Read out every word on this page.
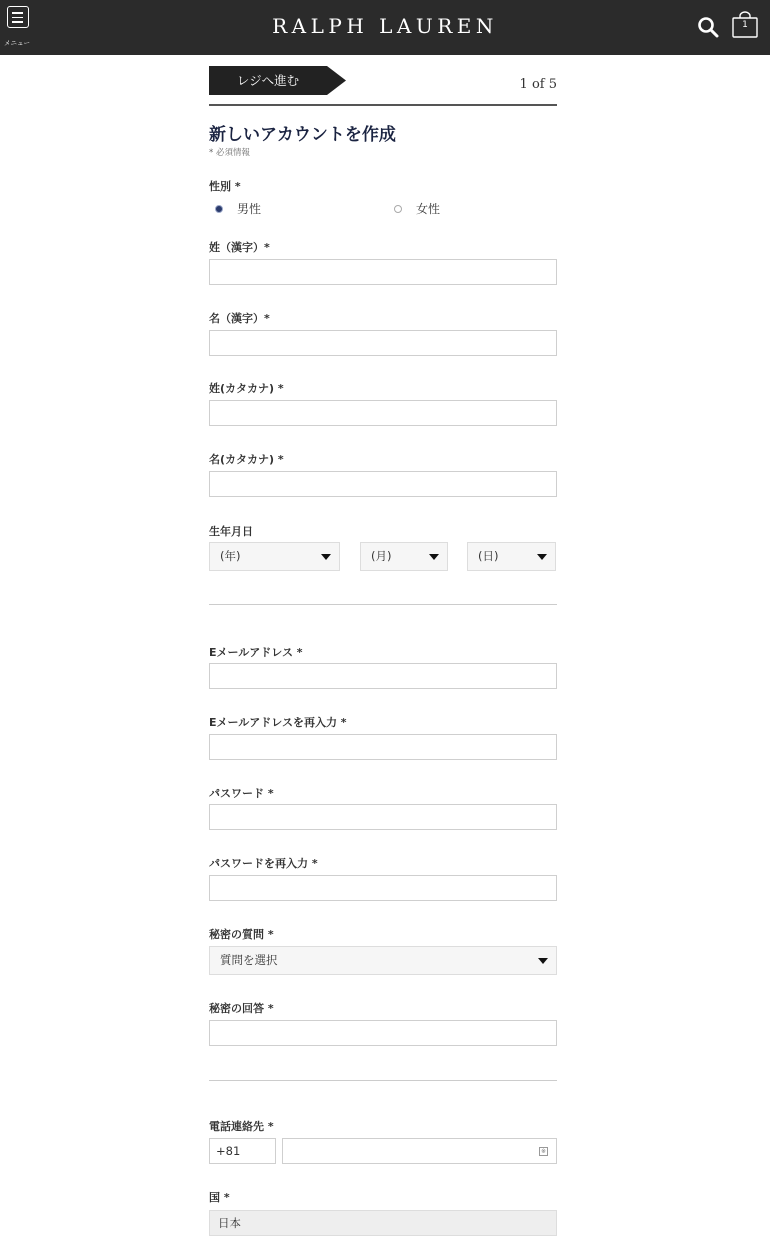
メニュー
RALPH LAUREN	1
レジへ進む	1 of 5
新しいアカウントを作成
* 必須情報
性別 *
男性	女性
姓（漢字）*
名（漢字）*
姓(カタカナ) *
名(カタカナ) *
生年月日
(年)	(月)	(日)
Eメールアドレス *
Eメールアドレスを再入力 *
パスワード *
パスワードを再入力 *
秘密の質問 *
質問を選択
秘密の回答 *
電話連絡先 *
+81	※
国 *
日本
